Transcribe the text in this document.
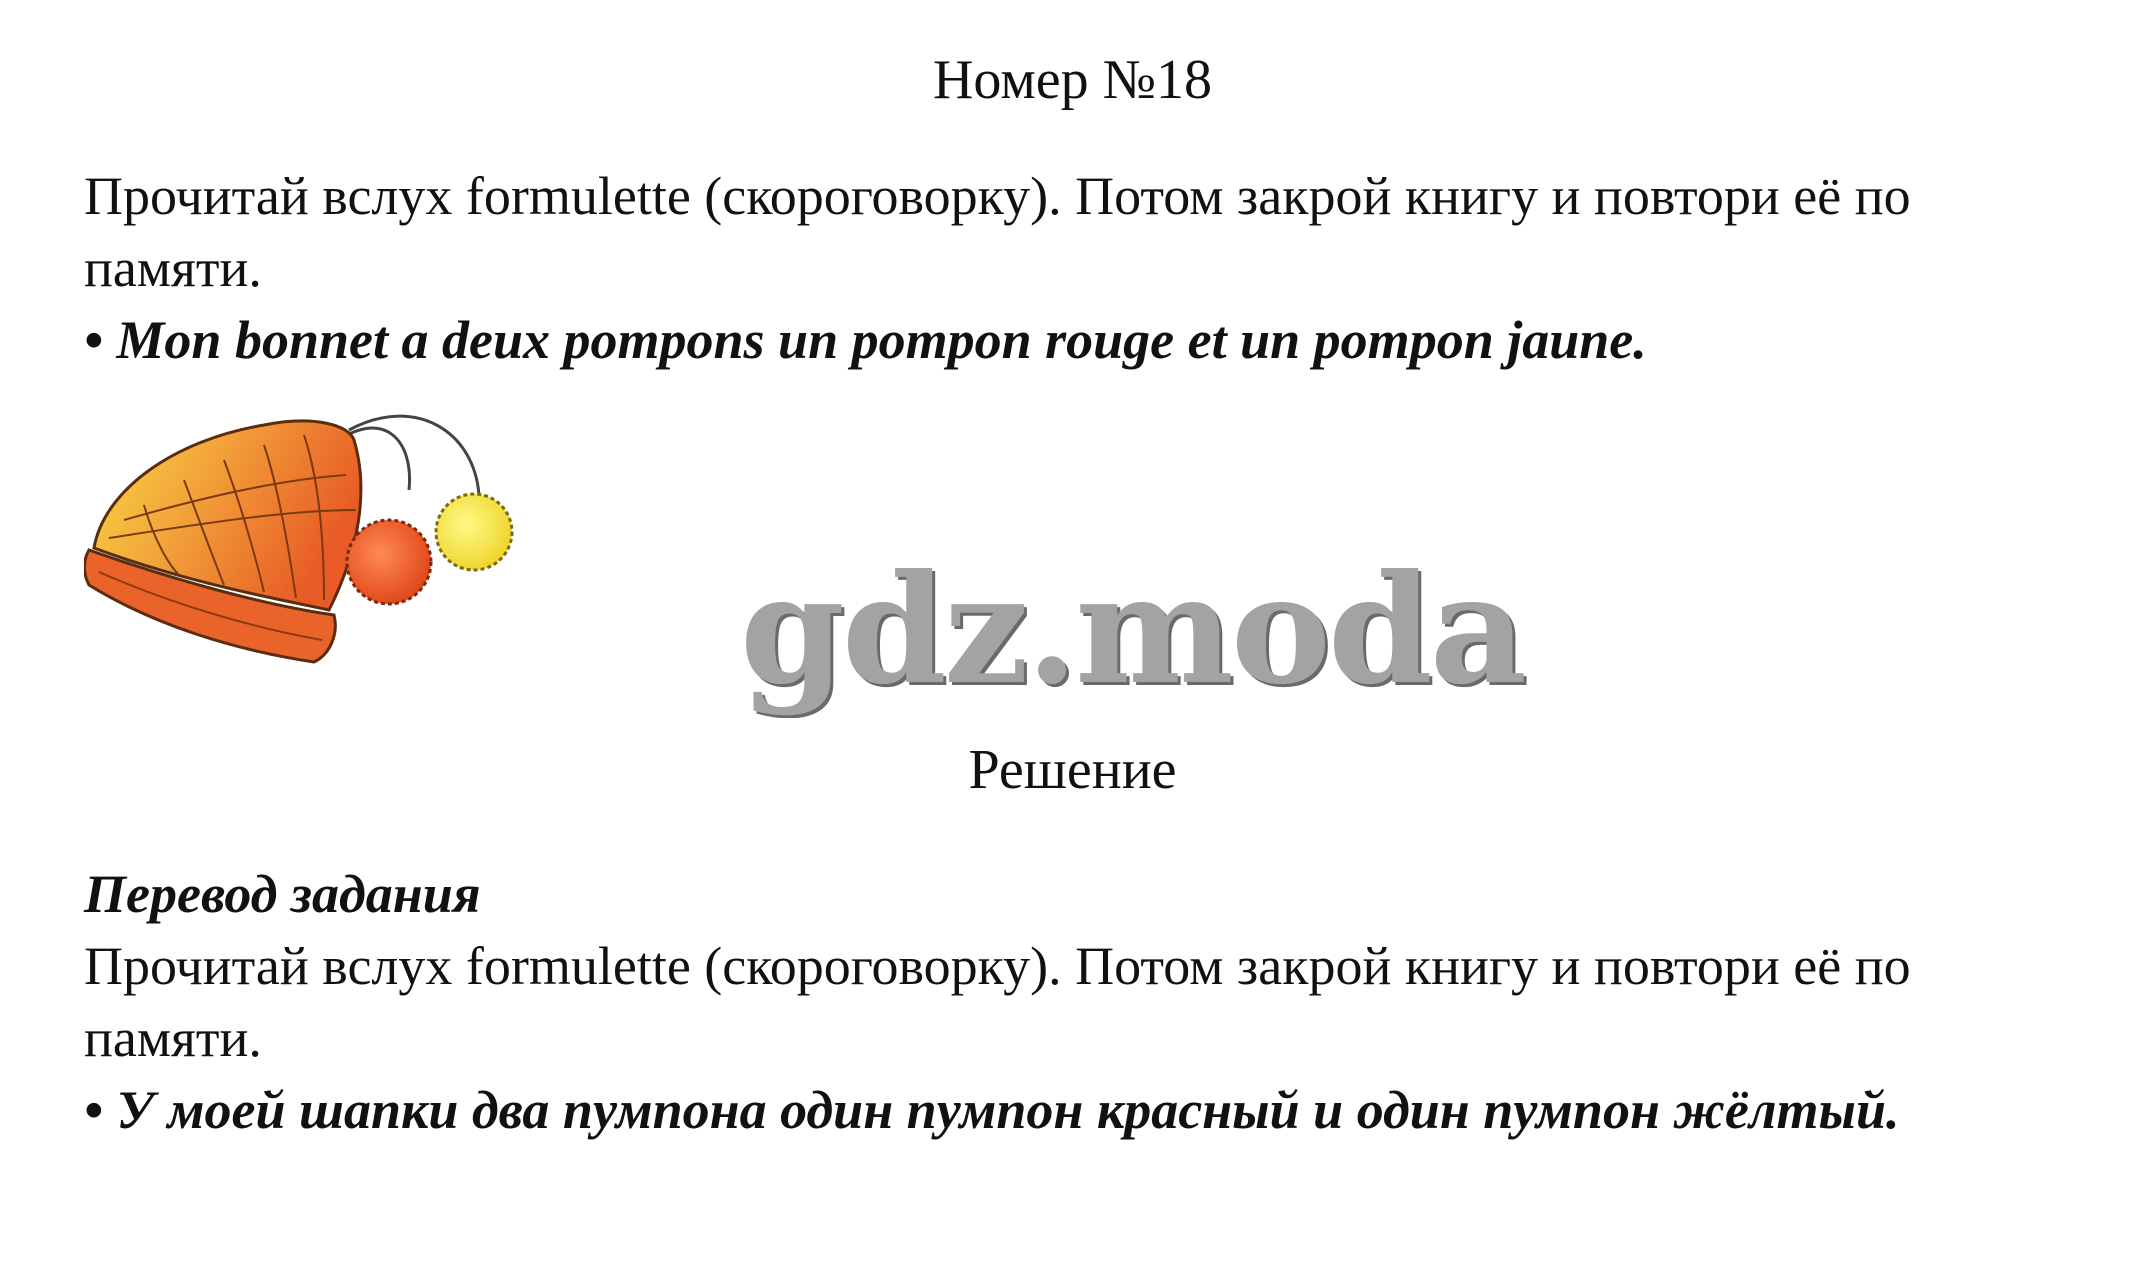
Номер №18

Прочитай вслух formulette (скороговорку). Потом закрой книгу и повтори её по памяти.

• Mon bonnet a deux pompons un pompon rouge et un pompon jaune.

gdz.moda
Решение

Перевод задания

Прочитай вслух formulette (скороговорку). Потом закрой книгу и повтори её по памяти.

• У моей шапки два пумпона один пумпон красный и один пумпон жёлтый.
